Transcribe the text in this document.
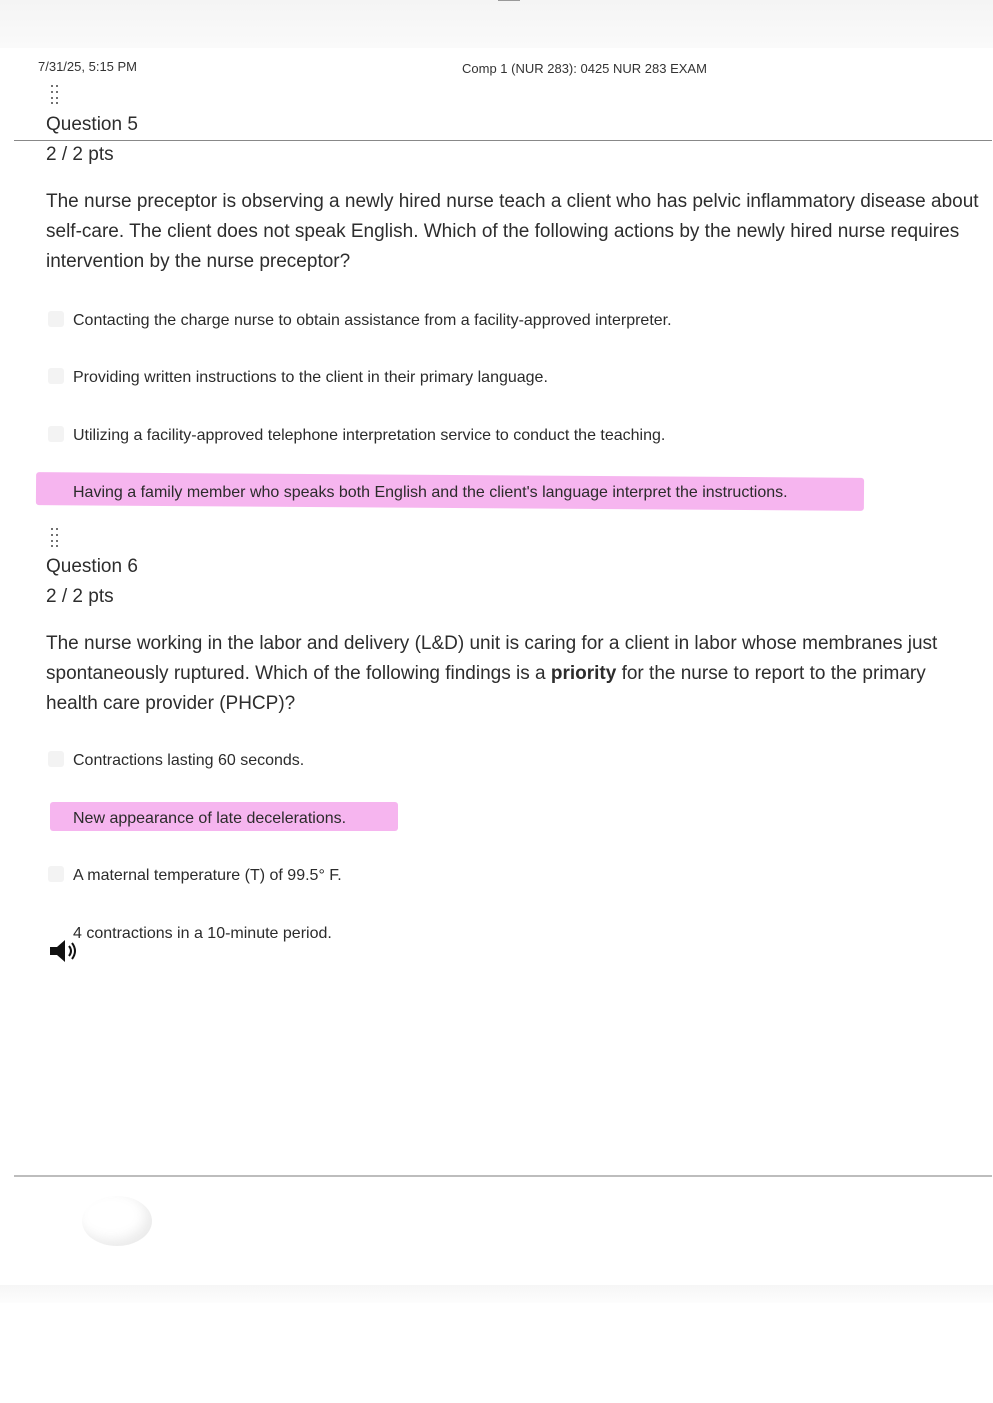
7/31/25, 5:15 PM	Comp 1 (NUR 283): 0425 NUR 283 EXAM
Question 5
2 / 2 pts
The nurse preceptor is observing a newly hired nurse teach a client who has pelvic inflammatory disease about self-care. The client does not speak English. Which of the following actions by the newly hired nurse requires intervention by the nurse preceptor?
Contacting the charge nurse to obtain assistance from a facility-approved interpreter.
Providing written instructions to the client in their primary language.
Utilizing a facility-approved telephone interpretation service to conduct the teaching.
Having a family member who speaks both English and the client's language interpret the instructions.
Question 6
2 / 2 pts
The nurse working in the labor and delivery (L&D) unit is caring for a client in labor whose membranes just spontaneously ruptured. Which of the following findings is a priority for the nurse to report to the primary health care provider (PHCP)?
Contractions lasting 60 seconds.
New appearance of late decelerations.
A maternal temperature (T) of 99.5° F.
4 contractions in a 10-minute period.
